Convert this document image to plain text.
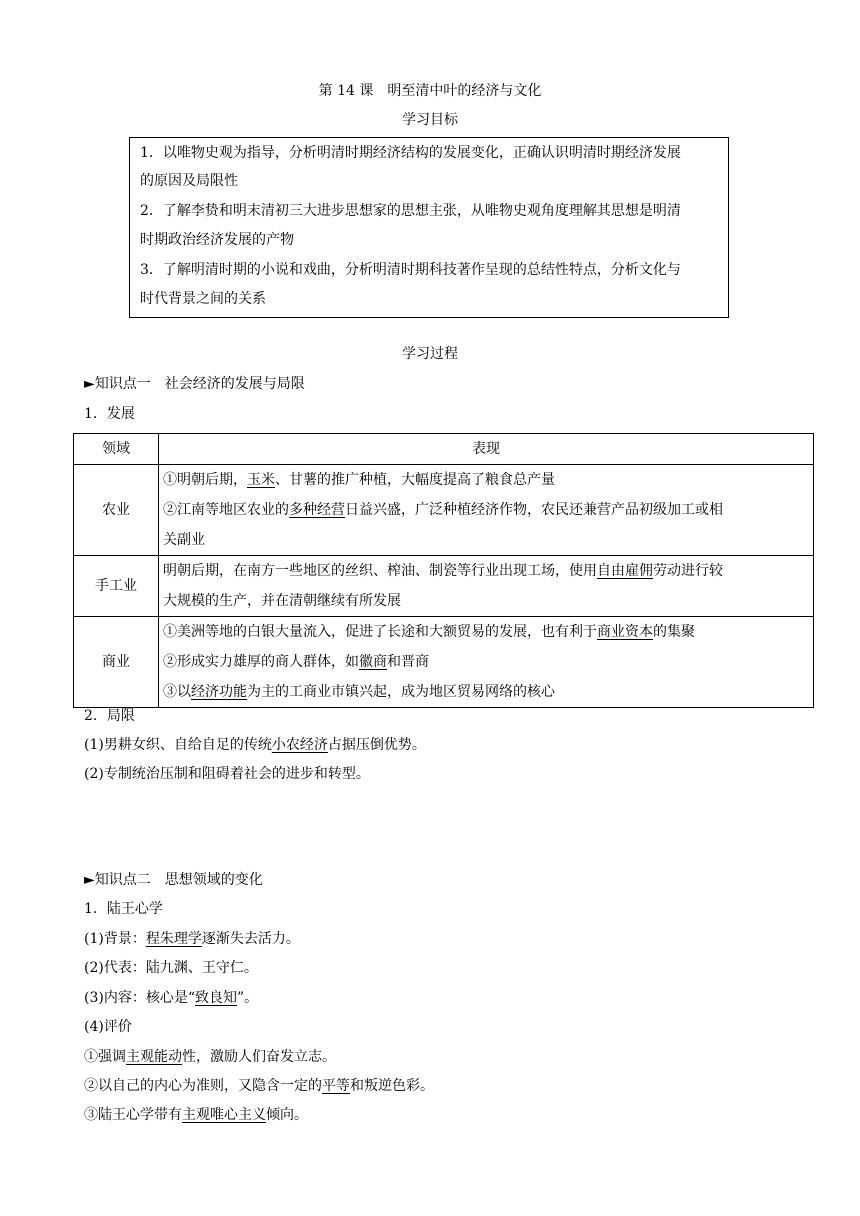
第 14 课　明至清中叶的经济与文化
学习目标
1．以唯物史观为指导，分析明清时期经济结构的发展变化，正确认识明清时期经济发展
的原因及局限性
2．了解李贽和明末清初三大进步思想家的思想主张，从唯物史观角度理解其思想是明清
时期政治经济发展的产物
3．了解明清时期的小说和戏曲，分析明清时期科技著作呈现的总结性特点，分析文化与
时代背景之间的关系
学习过程
►知识点一　社会经济的发展与局限
1．发展
领域	表现
农业	①明朝后期，玉米、甘薯的推广种植，大幅度提高了粮食总产量
②江南等地区农业的多种经营日益兴盛，广泛种植经济作物，农民还兼营产品初级加工或相
关副业

手工业	明朝后期，在南方一些地区的丝织、榨油、制瓷等行业出现工场，使用自由雇佣劳动进行较
大规模的生产，并在清朝继续有所发展

商业	①美洲等地的白银大量流入，促进了长途和大额贸易的发展，也有利于商业资本的集聚
②形成实力雄厚的商人群体，如徽商和晋商
③以经济功能为主的工商业市镇兴起，成为地区贸易网络的核心
2．局限
(1)男耕女织、自给自足的传统小农经济占据压倒优势。
(2)专制统治压制和阻碍着社会的进步和转型。
►知识点二　思想领域的变化
1．陆王心学
(1)背景：程朱理学逐渐失去活力。
(2)代表：陆九渊、王守仁。
(3)内容：核心是“致良知”。
(4)评价
①强调主观能动性，激励人们奋发立志。
②以自己的内心为准则，又隐含一定的平等和叛逆色彩。
③陆王心学带有主观唯心主义倾向。
